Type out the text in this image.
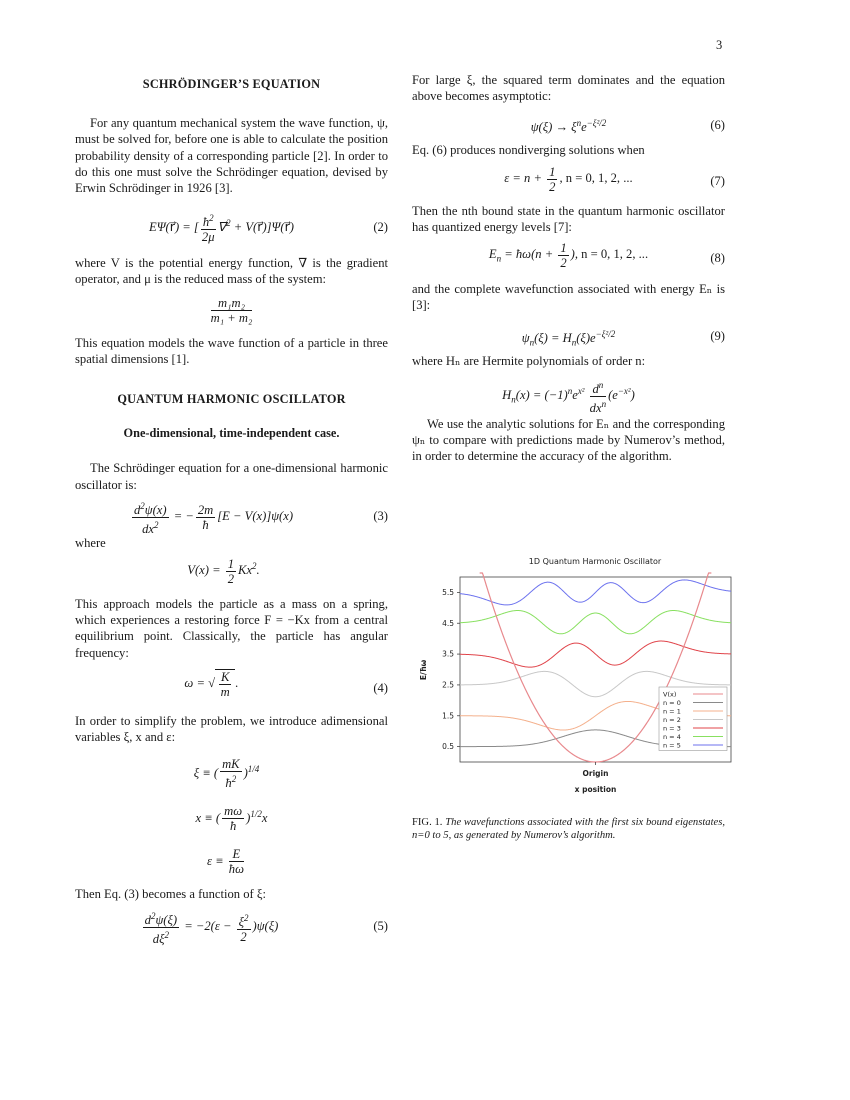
3
SCHRÖDINGER’S EQUATION

For any quantum mechanical system the wave function, ψ, must be solved for, before one is able to calculate the position probability density of a corresponding particle [2]. In order to do this one must solve the Schrödinger equation, devised by Erwin Schrödinger in 1926 [3].

EΨ(r⃗) = [ $\frac{ħ^2}{2\mu}$ ∇⃗$^2$ + V(r⃗)]Ψ(r⃗)	(2)

where V is the potential energy function, ∇ is the gradient operator, and μ is the reduced mass of the system:

$\frac{\text{m₁m₂}}{\text{m₁ + m₂}}$

This equation models the wave function of a particle in three spatial dimensions [1].

QUANTUM HARMONIC OSCILLATOR
One-dimensional, time-independent case.

The Schrödinger equation for a one-dimensional harmonic oscillator is:

$\frac{d^2\psi(x)}{dx^2}$ = − $\frac{2m}{ħ} [E - V(x)]\psi(x)$	(3)

where

$V(x) = \frac{1}{2} Kx^2$.

This approach models the particle as a mass on a spring, which experiences a restoring force F = −Kx from a central equilibrium point. Classically, the particle has angular frequency:

ω = √ $\frac{K}{m}$ .	(4)

In order to simplify the problem, we introduce adimensional variables ξ, x and ε:

ξ ≡ ( $\frac{mK}{ħ^2} )^{1/4}$
x ≡ ( $\frac{m\omega}{ħ} )^{1/2}x$
$\varepsilon \equiv \frac{E}{ħ\omega}$

Then Eq. (3) becomes a function of ξ:

$\frac{d^2\psi(\xi)}{d\xi^2} = -2(\varepsilon - \frac{\xi^2}{2} )\psi(\xi)$	(5)

For large ξ, the squared term dominates and the equation above becomes asymptotic:

$\psi(\xi) \to \xi^ne^{-\xi^2/2}$	(6)

Eq. (6) produces nondiverging solutions when

$\varepsilon = n + \frac{1}{2}$ , n = 0, 1, 2, ...	(7)

Then the nth bound state in the quantum harmonic oscillator has quantized energy levels [7]:

$E_n$ = ħω(n + $\frac{1}{2}$ ), n = 0, 1, 2, ...	(8)

and the complete wavefunction associated with energy Eₙ is [3]:

$\psi_n(\xi) = H_n(\xi)e^{-\xi^2/2}$	(9)

where Hₙ are Hermite polynomials of order n:

$H_n(x) = (-1)^ne^{x^2} \frac{d^n}{dx^n} (e^{-x^2})$

We use the analytic solutions for Eₙ and the corresponding ψₙ to compare with predictions made by Numerov’s method, in order to determine the accuracy of the algorithm.

1D Quantum Harmonic Oscillator
0.5
1.5
2.5
3.5
4.5
5.5
E/ħω
Origin
x position
V(x)
n = 0
n = 1
n = 2
n = 3
n = 4
n = 5
FIG. 1. The wavefunctions associated with the first six bound eigenstates, n=0 to 5, as generated by Numerov’s algorithm.
